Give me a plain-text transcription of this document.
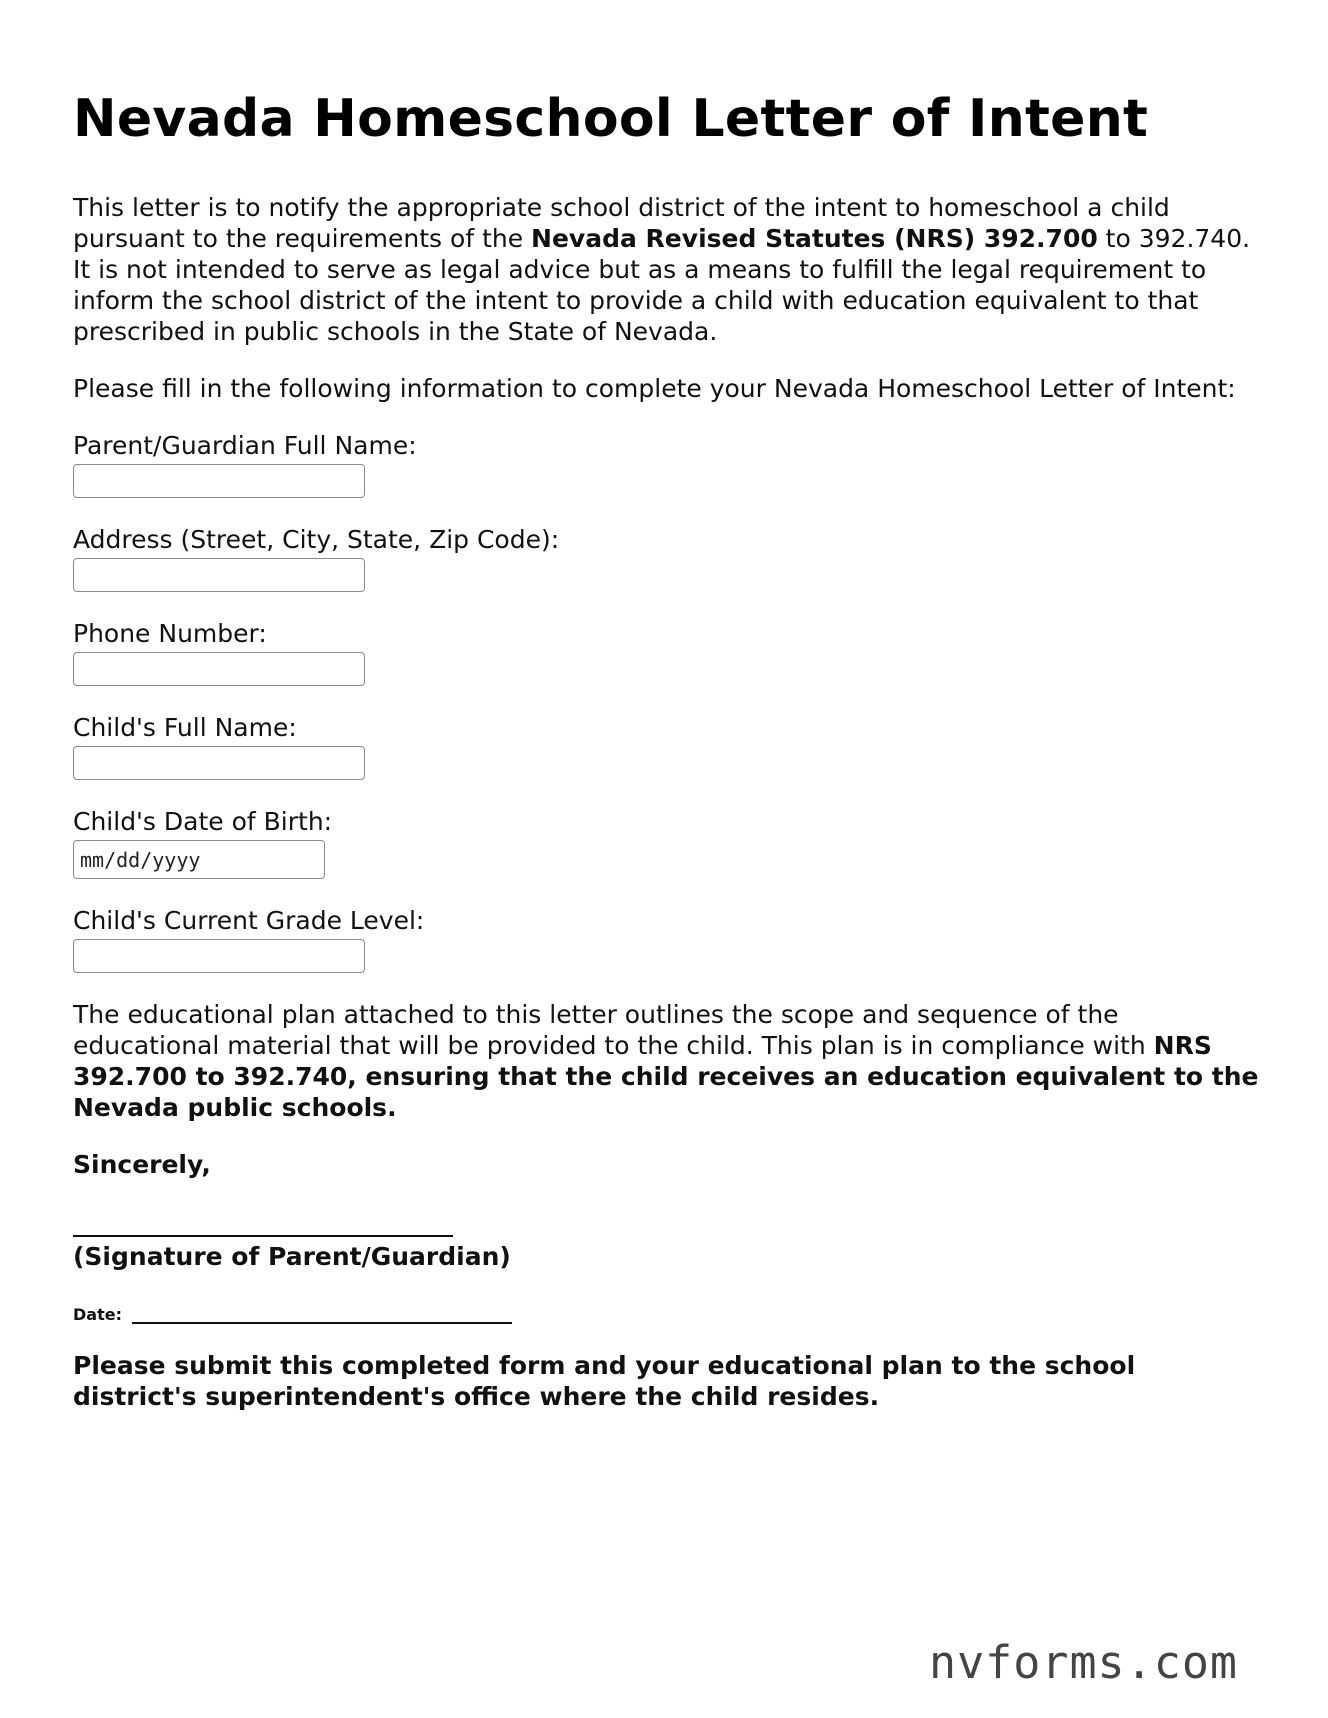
Nevada Homeschool Letter of Intent

This letter is to notify the appropriate school district of the intent to homeschool a child pursuant to the requirements of the Nevada Revised Statutes (NRS) 392.700 to 392.740. It is not intended to serve as legal advice but as a means to fulfill the legal requirement to inform the school district of the intent to provide a child with education equivalent to that prescribed in public schools in the State of Nevada.

Please fill in the following information to complete your Nevada Homeschool Letter of Intent:

Parent/Guardian Full Name:
Address (Street, City, State, Zip Code):
Phone Number:
Child's Full Name:
Child's Date of Birth:
mm/dd/yyyy
Child's Current Grade Level:

The educational plan attached to this letter outlines the scope and sequence of the educational material that will be provided to the child. This plan is in compliance with NRS 392.700 to 392.740, ensuring that the child receives an education equivalent to the Nevada public schools.

Sincerely,

(Signature of Parent/Guardian)

Date:

Please submit this completed form and your educational plan to the school district's superintendent's office where the child resides.

nvforms.com
